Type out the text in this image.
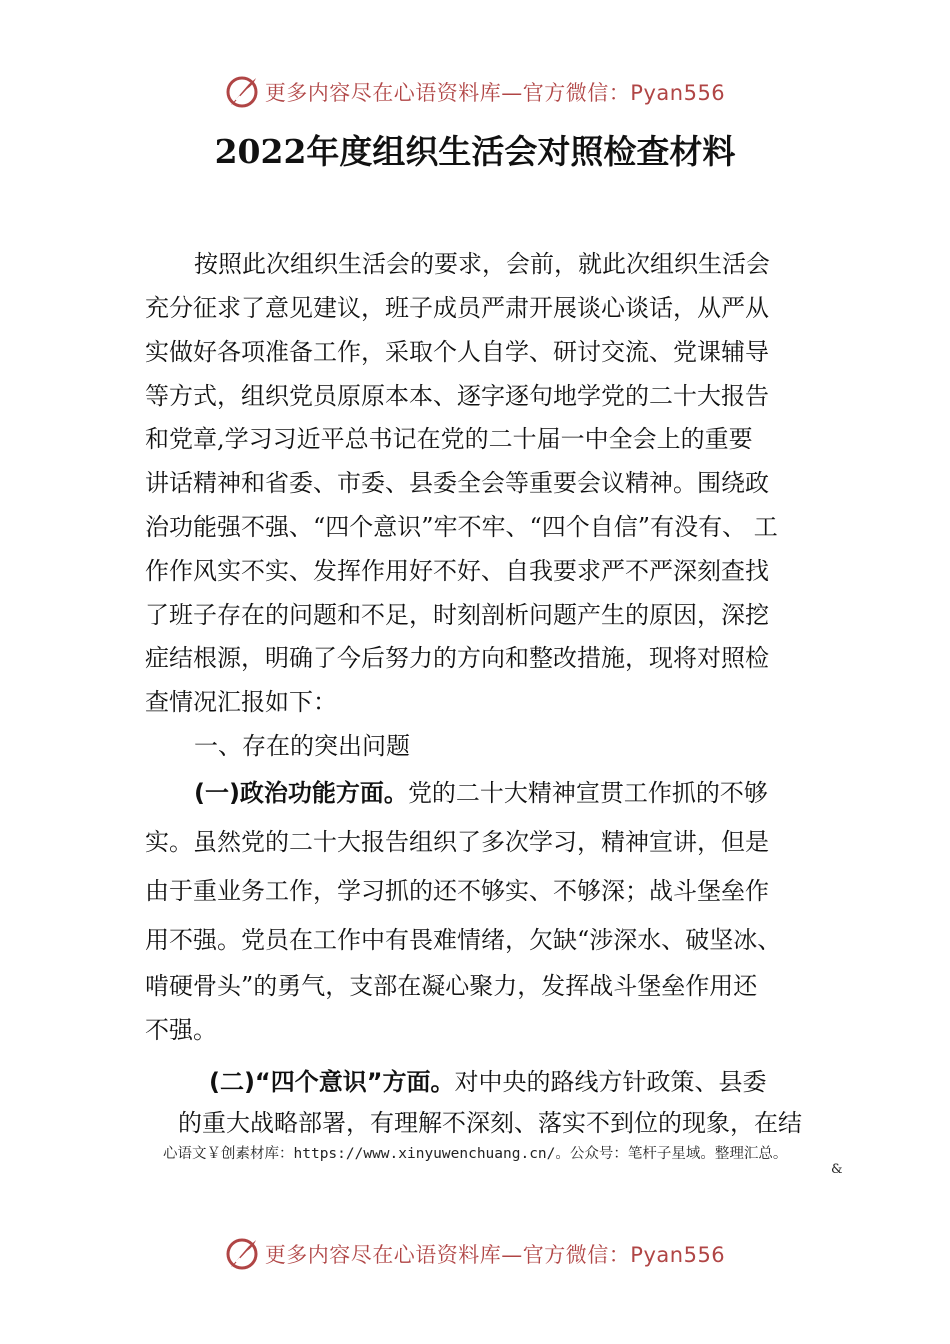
更多内容尽在心语资料库—官方微信：Pyan556
2022年度组织生活会对照检查材料
按照此次组织生活会的要求，会前，就此次组织生活会
充分征求了意见建议，班子成员严肃开展谈心谈话，从严从
实做好各项准备工作，采取个人自学、研讨交流、党课辅导
等方式，组织党员原原本本、逐字逐句地学党的二十大报告
和党章,学习习近平总书记在党的二十届一中全会上的重要
讲话精神和省委、市委、县委全会等重要会议精神。围绕政
治功能强不强、“四个意识”牢不牢、“四个自信”有没有、 工
作作风实不实、发挥作用好不好、自我要求严不严深刻查找
了班子存在的问题和不足，时刻剖析问题产生的原因，深挖
症结根源，明确了今后努力的方向和整改措施，现将对照检
查情况汇报如下：
一、存在的突出问题
(一)政治功能方面。党的二十大精神宣贯工作抓的不够
实。虽然党的二十大报告组织了多次学习，精神宣讲，但是
由于重业务工作，学习抓的还不够实、不够深；战斗堡垒作
用不强。党员在工作中有畏难情绪，欠缺“涉深水、破坚冰、
啃硬骨头”的勇气，支部在凝心聚力，发挥战斗堡垒作用还
不强。
(二)“四个意识”方面。对中央的路线方针政策、县委
的重大战略部署，有理解不深刻、落实不到位的现象，在结
心语文￥创素材库：https://www.xinyuwenchuang.cn/。公众号：笔杆子星域。整理汇总。
&
更多内容尽在心语资料库—官方微信：Pyan556
